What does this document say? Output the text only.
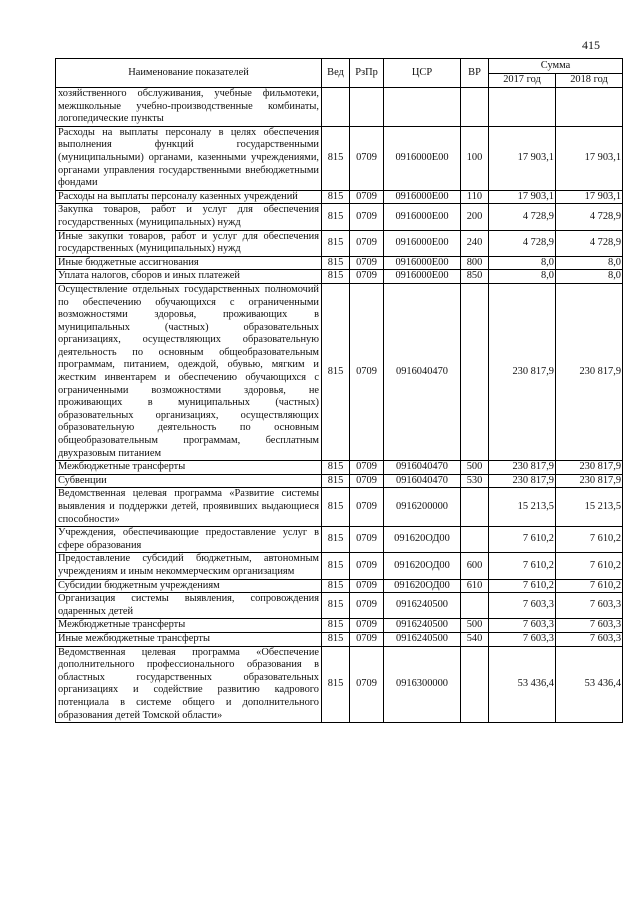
415
Наименование показателей	Вед	РзПр	ЦСР	ВР	Сумма	
					2017 год	2018 год
хозяйственного обслуживания, учебные фильмотеки, межшкольные учебно-производственные комбинаты, логопедические пункты						
Расходы на выплаты персоналу в целях обеспечения выполнения функций государственными (муниципальными) органами, казенными учреждениями, органами управления государственными внебюджетными фондами	815	0709	0916000Е00	100	17 903,1	17 903,1
Расходы на выплаты персоналу казенных учреждений	815	0709	0916000Е00	110	17 903,1	17 903,1
Закупка товаров, работ и услуг для обеспечения государственных (муниципальных) нужд	815	0709	0916000Е00	200	4 728,9	4 728,9
Иные закупки товаров, работ и услуг для обеспечения государственных (муниципальных) нужд	815	0709	0916000Е00	240	4 728,9	4 728,9
Иные бюджетные ассигнования	815	0709	0916000Е00	800	8,0	8,0
Уплата налогов, сборов и иных платежей	815	0709	0916000Е00	850	8,0	8,0
Осуществление отдельных государственных полномочий по обеспечению обучающихся с ограниченными возможностями здоровья, проживающих в муниципальных (частных) образовательных организациях, осуществляющих образовательную деятельность по основным общеобразовательным программам, питанием, одеждой, обувью, мягким и жестким инвентарем и обеспечению обучающихся с ограниченными возможностями здоровья, не проживающих в муниципальных (частных) образовательных организациях, осуществляющих образовательную деятельность по основным общеобразовательным программам, бесплатным двухразовым питанием	815	0709	0916040470		230 817,9	230 817,9
Межбюджетные трансферты	815	0709	0916040470	500	230 817,9	230 817,9
Субвенции	815	0709	0916040470	530	230 817,9	230 817,9
Ведомственная целевая программа «Развитие системы выявления и поддержки детей, проявивших выдающиеся способности»	815	0709	0916200000		15 213,5	15 213,5
Учреждения, обеспечивающие предоставление услуг в сфере образования	815	0709	091620ОД00		7 610,2	7 610,2
Предоставление субсидий бюджетным, автономным учреждениям и иным некоммерческим организациям	815	0709	091620ОД00	600	7 610,2	7 610,2
Субсидии бюджетным учреждениям	815	0709	091620ОД00	610	7 610,2	7 610,2
Организация системы выявления, сопровождения одаренных детей	815	0709	0916240500		7 603,3	7 603,3
Межбюджетные трансферты	815	0709	0916240500	500	7 603,3	7 603,3
Иные межбюджетные трансферты	815	0709	0916240500	540	7 603,3	7 603,3
Ведомственная целевая программа «Обеспечение дополнительного профессионального образования в областных государственных образовательных организациях и содействие развитию кадрового потенциала в системе общего и дополнительного образования детей Томской области»	815	0709	0916300000		53 436,4	53 436,4
